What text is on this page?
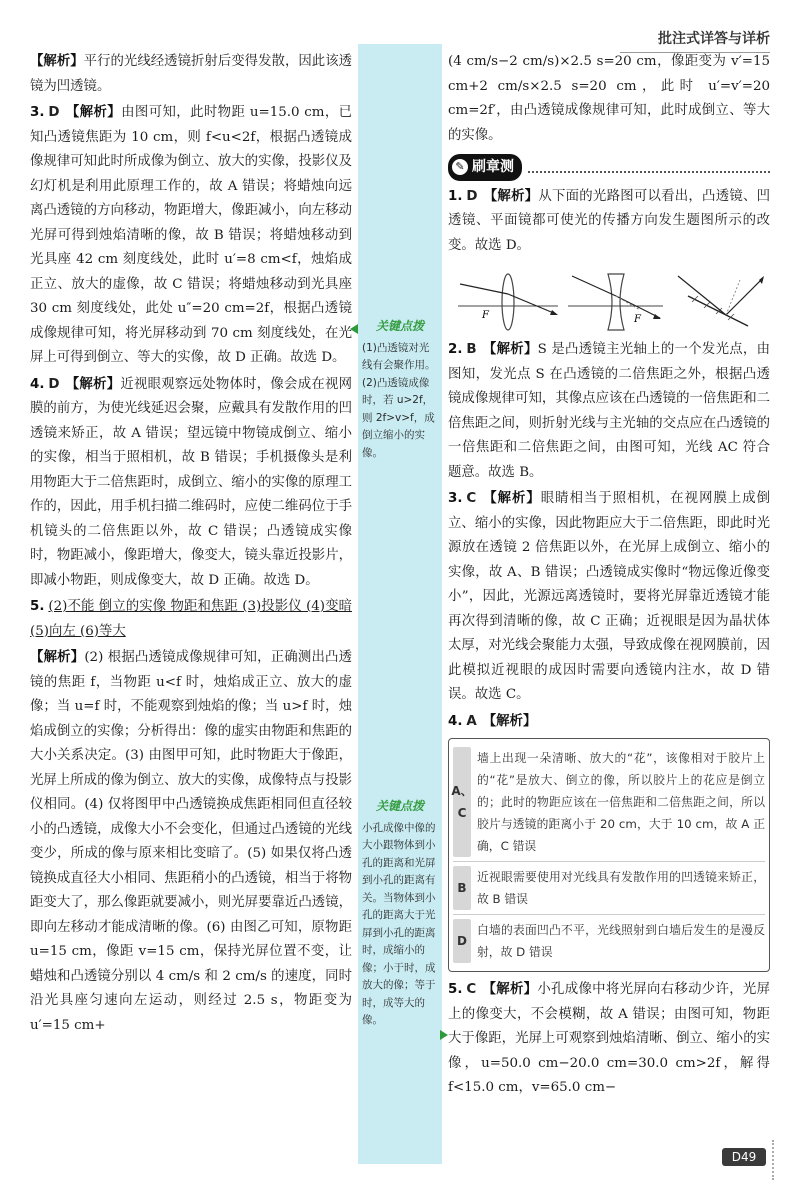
批注式详答与详析

【解析】平行的光线经透镜折射后变得发散，因此该透镜为凹透镜。

3. D 【解析】由图可知，此时物距 u=15.0 cm，已知凸透镜焦距为 10 cm，则 f<u<2f，根据凸透镜成像规律可知此时所成像为倒立、放大的实像，投影仪及幻灯机是利用此原理工作的，故 A 错误；将蜡烛向远离凸透镜的方向移动，物距增大，像距减小，向左移动光屏可得到烛焰清晰的像，故 B 错误；将蜡烛移动到光具座 42 cm 刻度线处，此时 u′=8 cm<f，烛焰成正立、放大的虚像，故 C 错误；将蜡烛移动到光具座 30 cm 刻度线处，此处 u″=20 cm=2f，根据凸透镜成像规律可知，将光屏移动到 70 cm 刻度线处，在光屏上可得到倒立、等大的实像，故 D 正确。故选 D。

4. D 【解析】近视眼观察远处物体时，像会成在视网膜的前方，为使光线延迟会聚，应戴具有发散作用的凹透镜来矫正，故 A 错误；望远镜中物镜成倒立、缩小的实像，相当于照相机，故 B 错误；手机摄像头是利用物距大于二倍焦距时，成倒立、缩小的实像的原理工作的，因此，用手机扫描二维码时，应使二维码位于手机镜头的二倍焦距以外，故 C 错误；凸透镜成实像时，物距减小，像距增大，像变大，镜头靠近投影片，即减小物距，则成像变大，故 D 正确。故选 D。

5. (2)不能 倒立的实像 物距和焦距 (3)投影仪 (4)变暗 (5)向左 (6)等大

【解析】(2) 根据凸透镜成像规律可知，正确测出凸透镜的焦距 f，当物距 u<f 时，烛焰成正立、放大的虚像；当 u=f 时，不能观察到烛焰的像；当 u>f 时，烛焰成倒立的实像；分析得出：像的虚实由物距和焦距的大小关系决定。(3) 由图甲可知，此时物距大于像距，光屏上所成的像为倒立、放大的实像，成像特点与投影仪相同。(4) 仅将图甲中凸透镜换成焦距相同但直径较小的凸透镜，成像大小不会变化，但通过凸透镜的光线变少，所成的像与原来相比变暗了。(5) 如果仅将凸透镜换成直径大小相同、焦距稍小的凸透镜，相当于将物距变大了，那么像距就要减小，则光屏要靠近凸透镜，即向左移动才能成清晰的像。(6) 由图乙可知，原物距 u=15 cm，像距 v=15 cm，保持光屏位置不变，让蜡烛和凸透镜分别以 4 cm/s 和 2 cm/s 的速度，同时沿光具座匀速向左运动，则经过 2.5 s，物距变为 u′=15 cm+

关键点拨
(1)凸透镜对光线有会聚作用。(2)凸透镜成像时，若 u>2f，则 2f>v>f，成倒立缩小的实像。
关键点拨
小孔成像中像的大小跟物体到小孔的距离和光屏到小孔的距离有关。当物体到小孔的距离大于光屏到小孔的距离时，成缩小的像；小于时，成放大的像；等于时，成等大的像。

(4 cm/s−2 cm/s)×2.5 s=20 cm，像距变为 v′=15 cm+2 cm/s×2.5 s=20 cm，此时 u′=v′=20 cm=2f′，由凸透镜成像规律可知，此时成倒立、等大的实像。

✎ 刷章测

1. D 【解析】从下面的光路图可以看出，凸透镜、凹透镜、平面镜都可使光的传播方向发生题图所示的改变。故选 D。

F	F

2. B 【解析】S 是凸透镜主光轴上的一个发光点，由图知，发光点 S 在凸透镜的二倍焦距之外，根据凸透镜成像规律可知，其像点应该在凸透镜的一倍焦距和二倍焦距之间，则折射光线与主光轴的交点应在凸透镜的一倍焦距和二倍焦距之间，由图可知，光线 AC 符合题意。故选 B。

3. C 【解析】眼睛相当于照相机，在视网膜上成倒立、缩小的实像，因此物距应大于二倍焦距，即此时光源放在透镜 2 倍焦距以外，在光屏上成倒立、缩小的实像，故 A、B 错误；凸透镜成实像时“物远像近像变小”，因此，光源远离透镜时，要将光屏靠近透镜才能再次得到清晰的像，故 C 正确；近视眼是因为晶状体太厚，对光线会聚能力太强，导致成像在视网膜前，因此模拟近视眼的成因时需要向透镜内注水，故 D 错误。故选 C。

4. A 【解析】

A、C
墙上出现一朵清晰、放大的“花”，该像相对于胶片上的“花”是放大、倒立的像，所以胶片上的花应是倒立的；此时的物距应该在一倍焦距和二倍焦距之间，所以胶片与透镜的距离小于 20 cm，大于 10 cm，故 A 正确，C 错误
B
近视眼需要使用对光线具有发散作用的凹透镜来矫正，故 B 错误
D
白墙的表面凹凸不平，光线照射到白墙后发生的是漫反射，故 D 错误

5. C 【解析】小孔成像中将光屏向右移动少许，光屏上的像变大，不会模糊，故 A 错误；由图可知，物距大于像距，光屏上可观察到烛焰清晰、倒立、缩小的实像，u=50.0 cm−20.0 cm=30.0 cm>2f，解得 f<15.0 cm，v=65.0 cm−

D49
